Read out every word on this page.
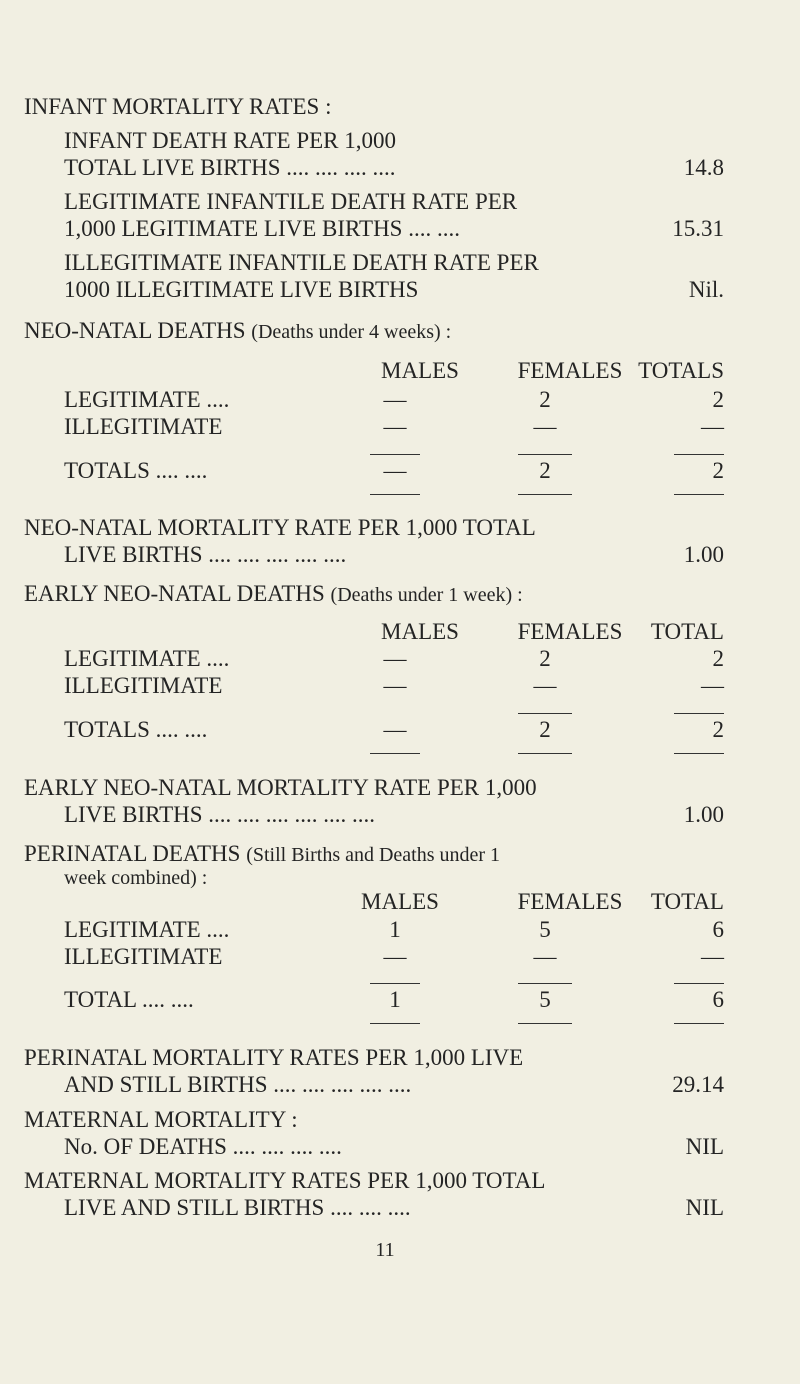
INFANT MORTALITY RATES :
INFANT DEATH RATE PER 1,000
TOTAL LIVE BIRTHS .... .... .... ....	14.8
LEGITIMATE INFANTILE DEATH RATE PER
1,000 LEGITIMATE LIVE BIRTHS .... ....	15.31
ILLEGITIMATE INFANTILE DEATH RATE PER
1000 ILLEGITIMATE LIVE BIRTHS	Nil.
NEO-NATAL DEATHS (Deaths under 4 weeks) :
MALES	FEMALES TOTALS
LEGITIMATE ....	—	2	2
ILLEGITIMATE	—	—	—
TOTALS .... ....	—	2	2
NEO-NATAL MORTALITY RATE PER 1,000 TOTAL
LIVE BIRTHS .... .... .... .... ....	1.00
EARLY NEO-NATAL DEATHS (Deaths under 1 week) :
MALES	FEMALES	TOTAL
LEGITIMATE ....	—	2	2
ILLEGITIMATE	—	—	—
TOTALS .... ....	—	2	2
EARLY NEO-NATAL MORTALITY RATE PER 1,000
LIVE BIRTHS .... .... .... .... .... ....	1.00
PERINATAL DEATHS (Still Births and Deaths under 1
week combined) :
MALES	FEMALES	TOTAL
LEGITIMATE ....	1	5	6
ILLEGITIMATE	—	—	—
TOTAL .... ....	1	5	6
PERINATAL MORTALITY RATES PER 1,000 LIVE
AND STILL BIRTHS .... .... .... .... ....	29.14
MATERNAL MORTALITY :
No. OF DEATHS .... .... .... ....	NIL
MATERNAL MORTALITY RATES PER 1,000 TOTAL
LIVE AND STILL BIRTHS .... .... ....	NIL
11
